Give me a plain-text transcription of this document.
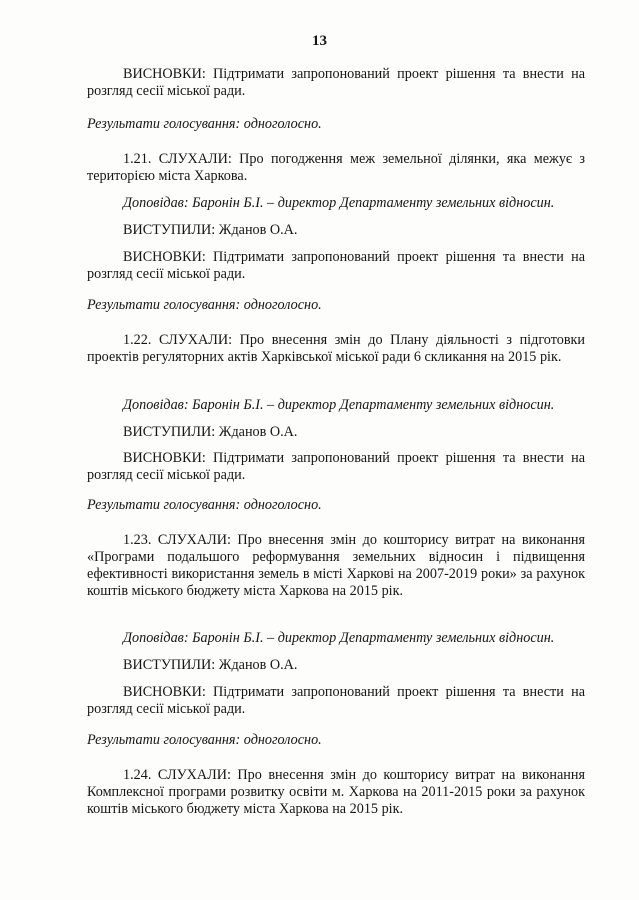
13

ВИСНОВКИ: Підтримати запропонований проект рішення та внести на розгляд сесії міської ради.

Результати голосування: одноголосно.

1.21. СЛУХАЛИ: Про погодження меж земельної ділянки, яка межує з територією міста Харкова.

Доповідав: Баронін Б.І. – директор Департаменту земельних відносин.

ВИСТУПИЛИ: Жданов О.А.

ВИСНОВКИ: Підтримати запропонований проект рішення та внести на розгляд сесії міської ради.

Результати голосування: одноголосно.

1.22. СЛУХАЛИ: Про внесення змін до Плану діяльності з підготовки проектів регуляторних актів Харківської міської ради 6 скликання на 2015 рік.

Доповідав: Баронін Б.І. – директор Департаменту земельних відносин.

ВИСТУПИЛИ: Жданов О.А.

ВИСНОВКИ: Підтримати запропонований проект рішення та внести на розгляд сесії міської ради.

Результати голосування: одноголосно.

1.23. СЛУХАЛИ: Про внесення змін до кошторису витрат на виконання «Програми подальшого реформування земельних відносин і підвищення ефективності використання земель в місті Харкові на 2007-2019 роки» за рахунок коштів міського бюджету міста Харкова на 2015 рік.

Доповідав: Баронін Б.І. – директор Департаменту земельних відносин.

ВИСТУПИЛИ: Жданов О.А.

ВИСНОВКИ: Підтримати запропонований проект рішення та внести на розгляд сесії міської ради.

Результати голосування: одноголосно.

1.24. СЛУХАЛИ: Про внесення змін до кошторису витрат на виконання Комплексної програми розвитку освіти м. Харкова на 2011-2015 роки за рахунок коштів міського бюджету міста Харкова на 2015 рік.
